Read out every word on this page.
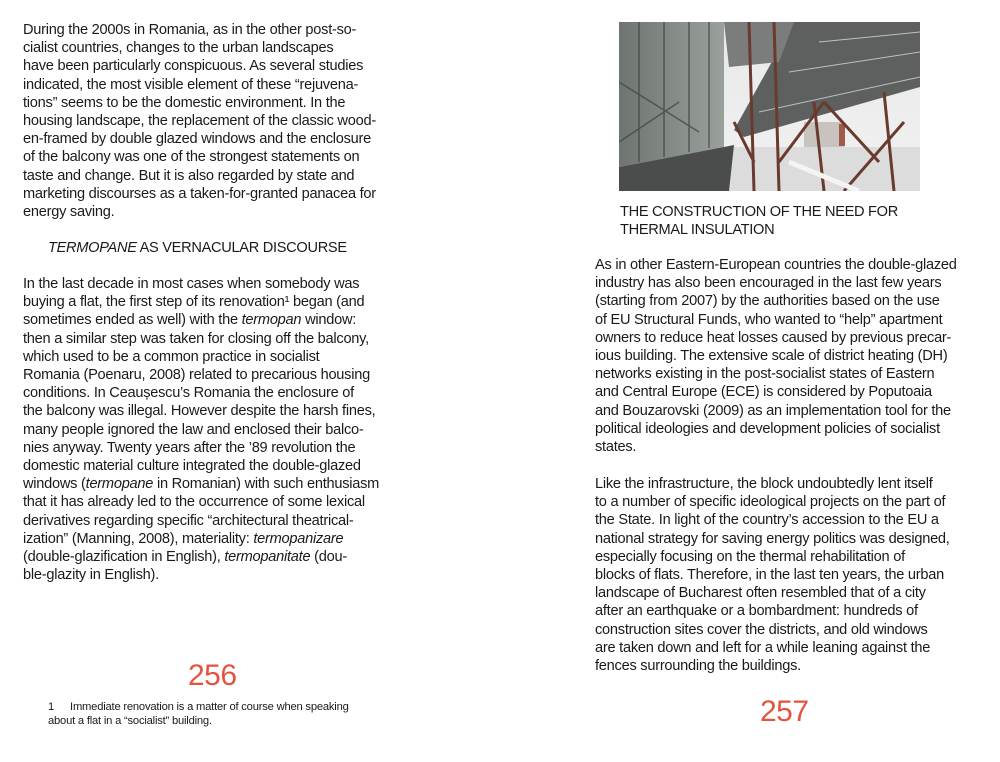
During the 2000s in Romania, as in the other post-so-
cialist countries, changes to the urban landscapes
have been particularly conspicuous. As several studies
indicated, the most visible element of these “rejuvena-
tions” seems to be the domestic environment. In the
housing landscape, the replacement of the classic wood-
en-framed by double glazed windows and the enclosure
of the balcony was one of the strongest statements on
taste and change. But it is also regarded by state and
marketing discourses as a taken-for-granted panacea for
energy saving.
TERMOPANE AS VERNACULAR DISCOURSE
In the last decade in most cases when somebody was
buying a flat, the first step of its renovation¹ began (and
sometimes ended as well) with the termopan window:
then a similar step was taken for closing off the balcony,
which used to be a common practice in socialist
Romania (Poenaru, 2008) related to precarious housing
conditions. In Ceaușescu’s Romania the enclosure of
the balcony was illegal. However despite the harsh fines,
many people ignored the law and enclosed their balco-
nies anyway. Twenty years after the ’89 revolution the
domestic material culture integrated the double-glazed
windows (termopane in Romanian) with such enthusiasm
that it has already led to the occurrence of some lexical
derivatives regarding specific “architectural theatrical-
ization” (Manning, 2008), materiality: termopanizare
(double-glazification in English), termopanitate (dou-
ble-glazity in English).
256
1 Immediate renovation is a matter of course when speaking
about a flat in a “socialist” building.
THE CONSTRUCTION OF THE NEED FOR
THERMAL INSULATION
As in other Eastern-European countries the double-glazed
industry has also been encouraged in the last few years
(starting from 2007) by the authorities based on the use
of EU Structural Funds, who wanted to “help” apartment
owners to reduce heat losses caused by previous precar-
ious building. The extensive scale of district heating (DH)
networks existing in the post-socialist states of Eastern
and Central Europe (ECE) is considered by Poputoaia
and Bouzarovski (2009) as an implementation tool for the
political ideologies and development policies of socialist
states.
Like the infrastructure, the block undoubtedly lent itself
to a number of specific ideological projects on the part of
the State. In light of the country’s accession to the EU a
national strategy for saving energy politics was designed,
especially focusing on the thermal rehabilitation of
blocks of flats. Therefore, in the last ten years, the urban
landscape of Bucharest often resembled that of a city
after an earthquake or a bombardment: hundreds of
construction sites cover the districts, and old windows
are taken down and left for a while leaning against the
fences surrounding the buildings.
257
